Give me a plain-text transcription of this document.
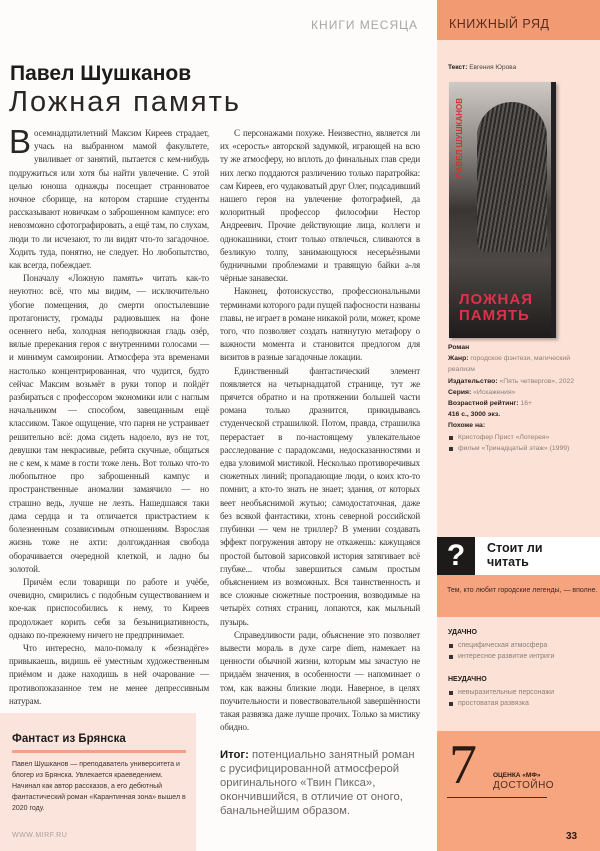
КНИГИ МЕСЯЦА	КНИЖНЫЙ РЯД
Павел Шушканов
Ложная память

Восемнадцатилетний Максим Киреев страдает, учась на выбранном мамой факультете, увиливает от занятий, пытается с кем-нибудь подружиться или хотя бы найти увлечение. С этой целью юноша однажды посещает странноватое ночное сборище, на котором старшие студенты рассказывают новичкам о заброшенном кампусе: его невозможно сфотографировать, а ещё там, по слухам, люди то ли исчезают, то ли видят что-то загадочное. Ходить туда, понятно, не следует. Но любопытство, как всегда, побеждает.

Поначалу «Ложную память» читать как-то неуютно: всё, что мы видим, — исключительно убогие помещения, до смерти опостылевшие протагонисту, громады радиовышек на фоне осеннего неба, холодная неподвижная гладь озёр, вялые пререкания героя с внутренними голосами — и минимум самоиронии. Атмосфера эта временами настолько концентрированная, что чудится, будто сейчас Максим возьмёт в руки топор и пойдёт разбираться с профессором экономики или с наглым начальником — способом, завещанным ещё классиком. Такое ощущение, что парня не устраивает решительно всё: дома сидеть надоело, вуз не тот, девушки там некрасивые, ребята скучные, общаться не с кем, к маме в гости тоже лень. Вот только что-то любопытное про заброшенный кампус и пространственные аномалии замаячило — но страшно ведь, лучше не лезть. Нашедшаяся таки дама сердца и та отличается пристрастием к болезненным созависимым отношениям. Взрослая жизнь тоже не ахти: долгожданная свобода оборачивается очередной клеткой, и ладно бы золотой.

Причём если товарищи по работе и учёбе, очевидно, смирились с подобным существованием и кое-как приспособились к нему, то Киреев продолжает корить себя за безынициативность, однако по-прежнему ничего не предпринимает.

Что интересно, мало-помалу к «безнадёге» привыкаешь, видишь её уместным художественным приёмом и даже находишь в ней очарование — противопоказанное тем не менее депрессивным натурам.

С персонажами похуже. Неизвестно, является ли их «серость» авторской задумкой, играющей на всю ту же атмосферу, но вплоть до финальных глав среди них легко поддаются различению только паратройка: сам Киреев, его чудаковатый друг Олег, подсадивший нашего героя на увлечение фотографией, да колоритный профессор философии Нестор Андреевич. Прочие действующие лица, коллеги и однокашники, стоит только отвлечься, сливаются в безликую толпу, занимающуюся несерьёзными будничными проблемами и травящую байки а-ля чёрные занавески.

Наконец, фотоискусство, профессиональными терминами которого ради пущей пафосности названы главы, не играет в романе никакой роли, может, кроме того, что позволяет создать натянутую метафору о важности момента и становится предлогом для визитов в разные загадочные локации.

Единственный фантастический элемент появляется на четырнадцатой странице, тут же прячется обратно и на протяжении большей части романа только дразнится, прикидываясь студенческой страшилкой. Потом, правда, страшилка перерастает в по-настоящему увлекательное расследование с парадоксами, недосказанностями и едва уловимой мистикой. Несколько противоречивых сюжетных линий; пропадающие люди, о коих кто-то помнит, а кто-то знать не знает; здания, от которых веет необъяснимой жутью; самодостаточная, даже без всякой фантастики, хтонь северной российской глубинки — чем не триллер? В умении создавать эффект погружения автору не откажешь: кажущаяся простой бытовой зарисовкой история затягивает всё глубже... чтобы завершиться самым простым объяснением из возможных. Вся таинственность и все сложные сюжетные построения, возводимые на четырёх сотнях страниц, лопаются, как мыльный пузырь.

Справедливости ради, объяснение это позволяет вывести мораль в духе carpe diem, намекает на ценности обычной жизни, которым мы зачастую не придаём значения, в особенности — напоминает о том, как важны близкие люди. Наверное, в целях поучительности и повествовательной завершённости такая развязка даже лучше прочих. Только за мистику обидно.

Итог: потенциально занятный роман с русифицированной атмосферой оригинального «Твин Пикса», окончившийся, в отличие от оного, банальнейшим образом.
Фантаст из Брянска

Павел Шушканов — преподаватель университета и блогер из Брянска. Увлекается краеведением. Начинал как автор рассказов, а его дебютный фантастический роман «Карантинная зона» вышел в 2020 году.

WWW.MIRF.RU
Текст: Евгения Юрова
ПАВЕЛ ШУШКАНОВ
ЛОЖНАЯ ПАМЯТЬ
Роман
Жанр: городское фэнтези, магический реализм
Издательство: «Пять четвергов», 2022
Серия: «Искажения»
Возрастной рейтинг: 16+
416 с., 3000 экз.
Похоже на:
Кристофер Прист «Лотерея»
фильм «Тринадцатый этаж» (1999)
?	Стоит ли
читать
Тем, кто любит городские легенды, — вполне.
УДАЧНО
специфическая атмосфера
интересное развитие интриги
НЕУДАЧНО
невыразительные персонажи
простоватая развязка
7 ОЦЕНКА «МФ»
ДОСТОЙНО
33
